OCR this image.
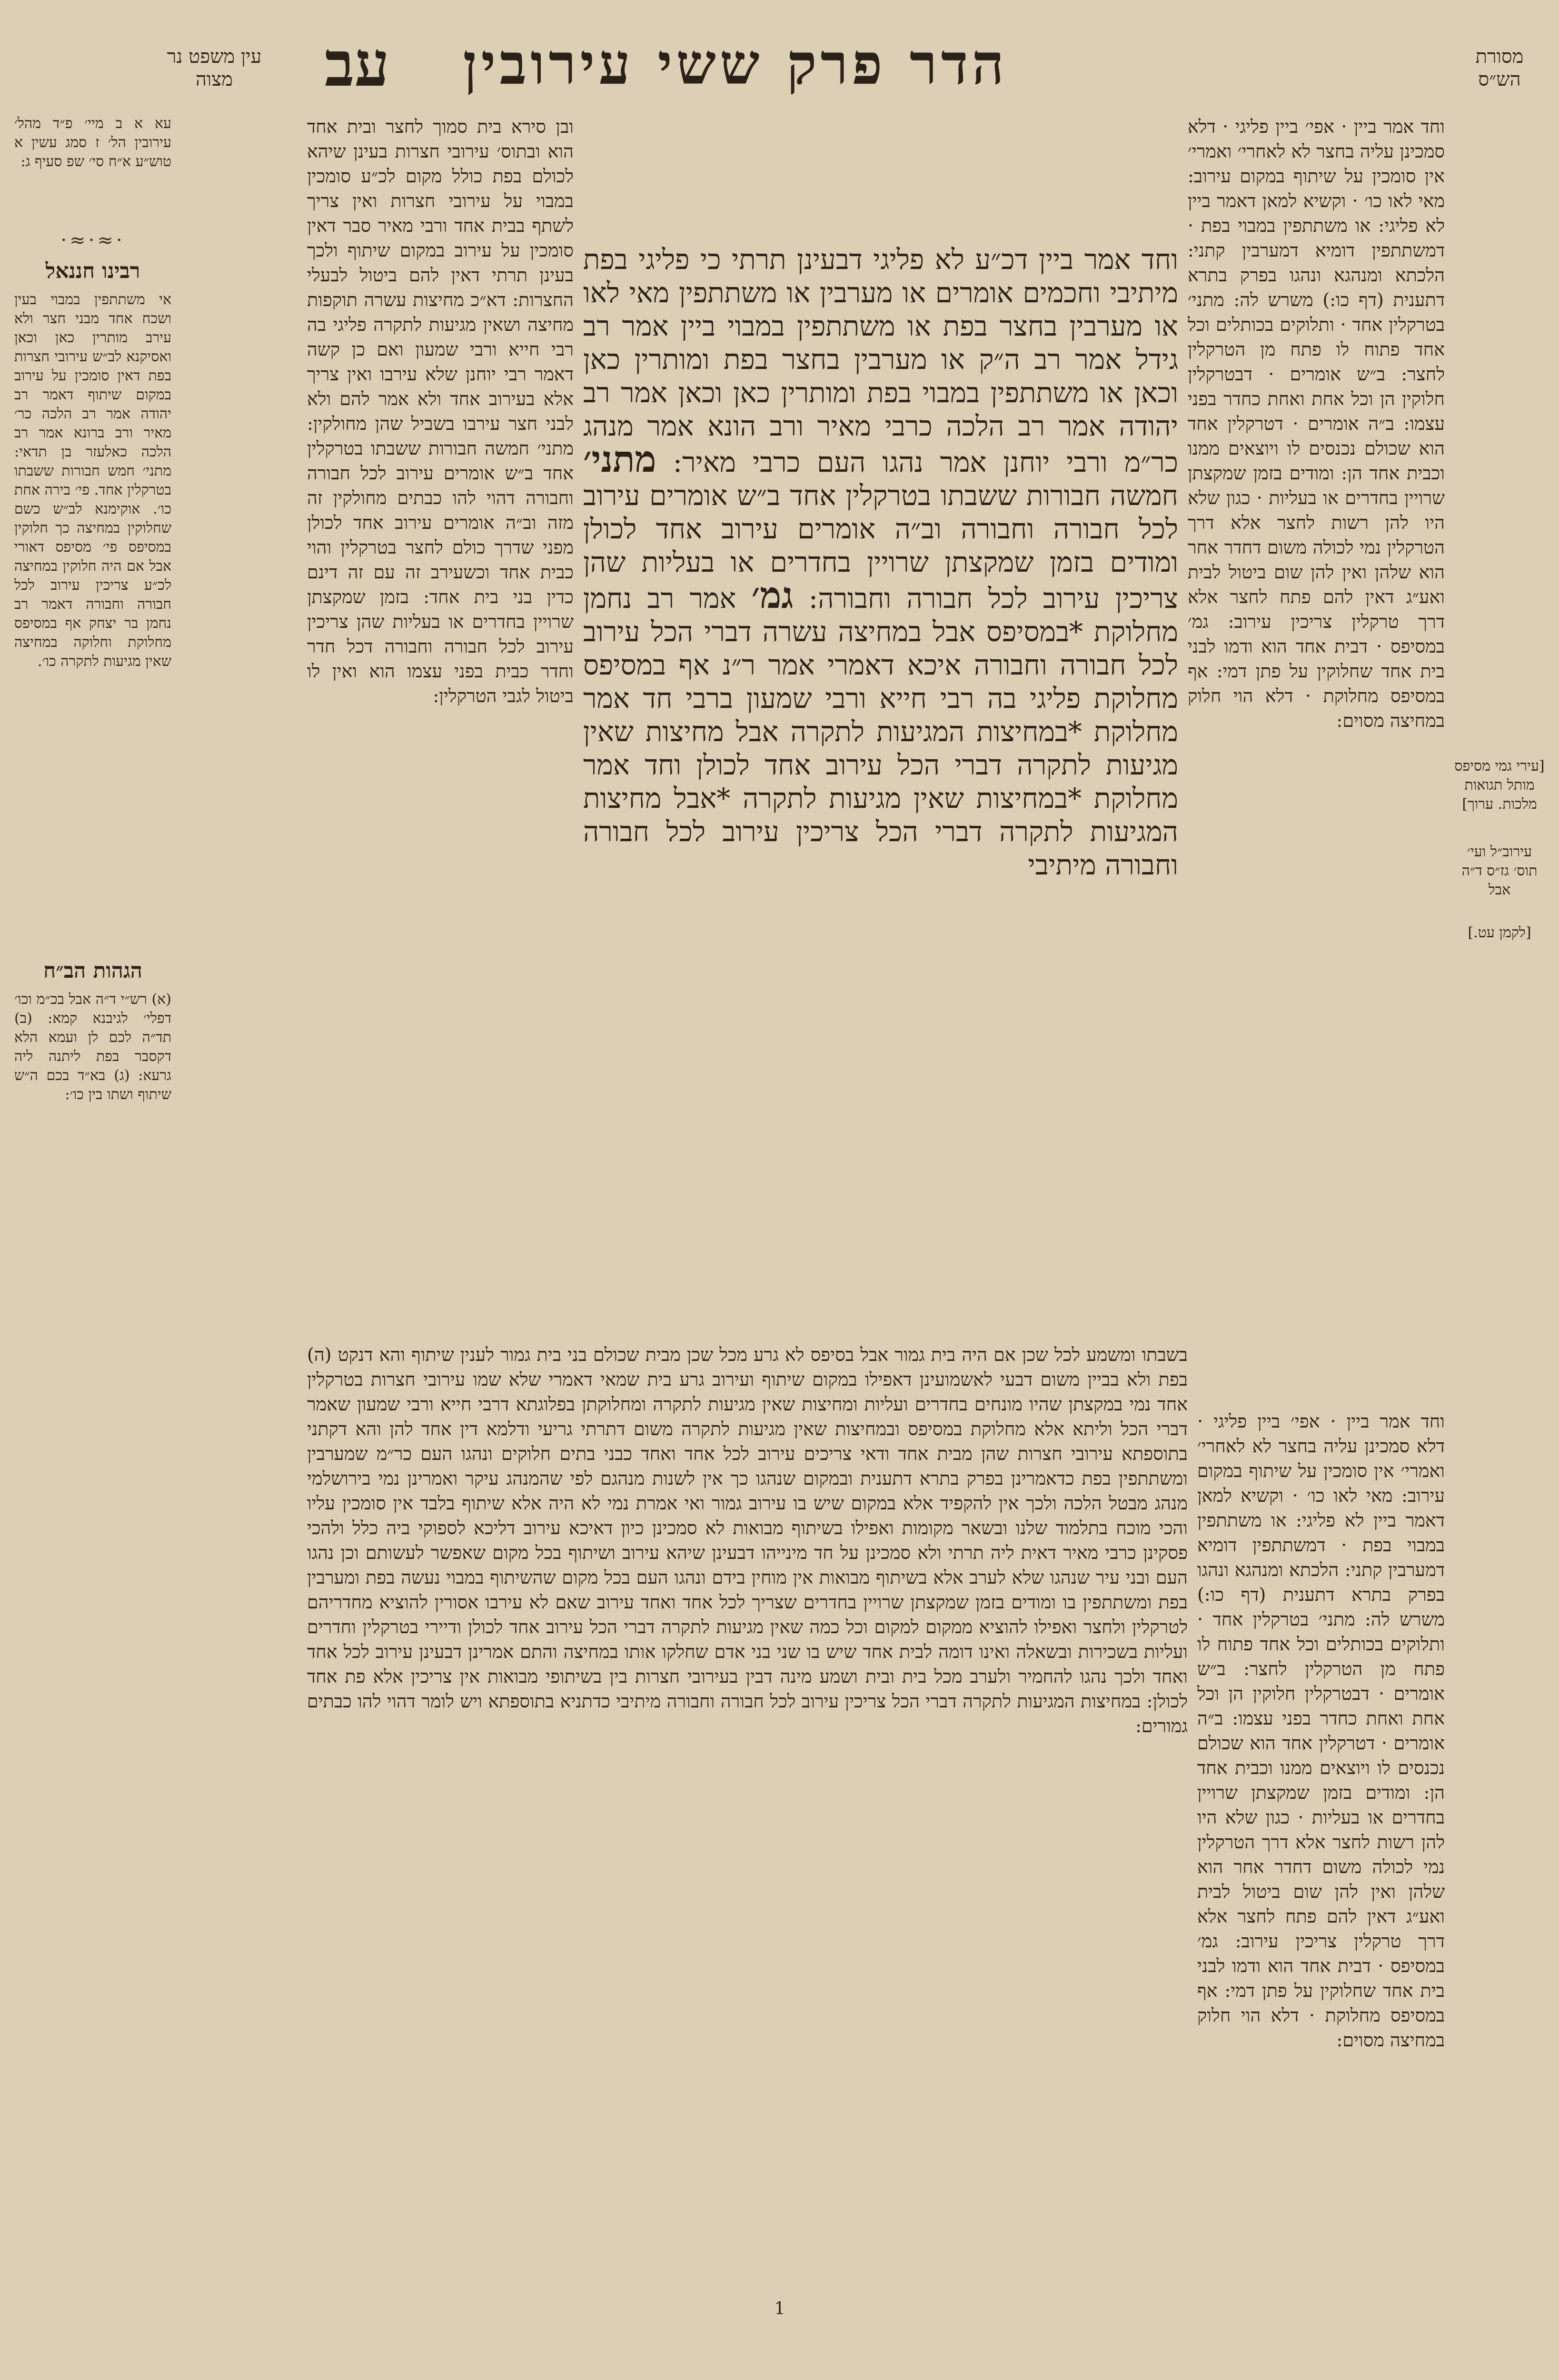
הדר פרק ששי עירובין
עב	מסורת הש״ס
עין משפט נר מצוה
[עירי גמי מסיפס מותל תגואות מלכות. ערוך]
עירוב״ל ועי׳ תוס׳ גז״ס ד״ה אבל
[לקמן עט.]
וחד אמר ביין · אפי׳ ביין פליגי · דלא סמכינן עליה בחצר לא לאחרי׳ ואמרי׳ אין סומכין על שיתוף במקום עירוב: מאי לאו כו׳ · וקשיא למאן דאמר ביין לא פליגי: או משתתפין במבוי בפת · דמשתתפין דומיא דמערבין קתני: הלכתא ומנהגא ונהגו בפרק בתרא דתענית (דף כו:) משרש לה: מתני׳ בטרקלין אחד · ותלוקים בכותלים וכל אחד פתוח לו פתח מן הטרקלין לחצר: ב״ש אומרים · דבטרקלין חלוקין הן וכל אחת ואחת כחדר בפני עצמו: ב״ה אומרים · דטרקלין אחד הוא שכולם נכנסים לו ויוצאים ממנו וכבית אחד הן: ומודים בזמן שמקצתן שרויין בחדרים או בעליות · כגון שלא היו להן רשות לחצר אלא דרך הטרקלין נמי לכולה משום דחדר אחר הוא שלהן ואין להן שום ביטול לבית ואע״ג דאין להם פתח לחצר אלא דרך טרקלין צריכין עירוב: גמ׳ במסיפס · דבית אחד הוא ודמו לבני בית אחד שחלוקין על פתן דמי: אף במסיפס מחלוקת · דלא הוי חלוק במחיצה מסוים:
וחד אמר ביין דכ״ע לא פליגי דבעינן תרתי כי פליגי בפת מיתיבי וחכמים אומרים או מערבין או משתתפין מאי לאו או מערבין בחצר בפת או משתתפין במבוי ביין אמר רב גידל אמר רב ה״ק או מערבין בחצר בפת ומותרין כאן וכאן או משתתפין במבוי בפת ומותרין כאן וכאן אמר רב יהודה אמר רב הלכה כרבי מאיר ורב הונא אמר מנהג כר״מ ורבי יוחנן אמר נהגו העם כרבי מאיר: מתני׳ חמשה חבורות ששבתו בטרקלין אחד ב״ש אומרים עירוב לכל חבורה וחבורה וב״ה אומרים עירוב אחד לכולן ומודים בזמן שמקצתן שרויין בחדרים או בעליות שהן צריכין עירוב לכל חבורה וחבורה: גמ׳ אמר רב נחמן מחלוקת *במסיפס אבל במחיצה עשרה דברי הכל עירוב לכל חבורה וחבורה איכא דאמרי אמר ר״נ אף במסיפס מחלוקת פליגי בה רבי חייא ורבי שמעון ברבי חד אמר מחלוקת *במחיצות המגיעות לתקרה אבל מחיצות שאין מגיעות לתקרה דברי הכל עירוב אחד לכולן וחד אמר מחלוקת *במחיצות שאין מגיעות לתקרה *אבל מחיצות המגיעות לתקרה דברי הכל צריכין עירוב לכל חבורה וחבורה מיתיבי
ובן סירא בית סמוך לחצר ובית אחד הוא ובתוס׳ עירובי חצרות בעינן שיהא לכולם בפת כולל מקום לכ״ע סומכין במבוי על עירובי חצרות ואין צריך לשתף בבית אחד ורבי מאיר סבר דאין סומכין על עירוב במקום שיתוף ולכך בעינן תרתי דאין להם ביטול לבעלי החצרות: דא״כ מחיצות עשרה תוקפות מחיצה ושאין מגיעות לתקרה פליגי בה רבי חייא ורבי שמעון ואם כן קשה דאמר רבי יוחנן שלא עירבו ואין צריך אלא בעירוב אחד ולא אמר להם ולא לבני חצר עירבו בשביל שהן מחולקין: מתני׳ חמשה חבורות ששבתו בטרקלין אחד ב״ש אומרים עירוב לכל חבורה וחבורה דהוי להו כבתים מחולקין זה מזה וב״ה אומרים עירוב אחד לכולן מפני שדרך כולם לחצר בטרקלין והוי כבית אחד וכשעירב זה עם זה דינם כדין בני בית אחד: בזמן שמקצתן שרויין בחדרים או בעליות שהן צריכין עירוב לכל חבורה וחבורה דכל חדר וחדר כבית בפני עצמו הוא ואין לו ביטול לגבי הטרקלין:
בשבתו ומשמע לכל שכן אם היה בית גמור אבל בסיפס לא גרע מכל שכן מבית שכולם בני בית גמור לענין שיתוף והא דנקט (ה) בפת ולא בביין משום דבעי לאשמועינן דאפילו במקום שיתוף ועירוב גרע בית שמאי דאמרי שלא שמו עירובי חצרות בטרקלין אחד נמי במקצתן שהיו מונחים בחדרים ועליות ומחיצות שאין מגיעות לתקרה ומחלוקתן בפלוגתא דרבי חייא ורבי שמעון שאמר דברי הכל וליתא אלא מחלוקת במסיפס ובמחיצות שאין מגיעות לתקרה משום דתרתי גריעי ודלמא דין אחד להן והא דקתני בתוספתא עירובי חצרות שהן מבית אחד ודאי צריכים עירוב לכל אחד ואחד כבני בתים חלוקים ונהגו העם כר״מ שמערבין ומשתתפין בפת כדאמרינן בפרק בתרא דתענית ובמקום שנהגו כך אין לשנות מנהגם לפי שהמנהג עיקר ואמרינן נמי בירושלמי מנהג מבטל הלכה ולכך אין להקפיד אלא במקום שיש בו עירוב גמור ואי אמרת נמי לא היה אלא שיתוף בלבד אין סומכין עליו והכי מוכח בתלמוד שלנו ובשאר מקומות ואפילו בשיתוף מבואות לא סמכינן כיון דאיכא עירוב דליכא לספוקי ביה כלל ולהכי פסקינן כרבי מאיר דאית ליה תרתי ולא סמכינן על חד מינייהו דבעינן שיהא עירוב ושיתוף בכל מקום שאפשר לעשותם וכן נהגו העם ובני עיר שנהגו שלא לערב אלא בשיתוף מבואות אין מוחין בידם ונהגו העם בכל מקום שהשיתוף במבוי נעשה בפת ומערבין בפת ומשתתפין בו ומודים בזמן שמקצתן שרויין בחדרים שצריך לכל אחד ואחד עירוב שאם לא עירבו אסורין להוציא מחדריהם לטרקלין ולחצר ואפילו להוציא ממקום למקום וכל כמה שאין מגיעות לתקרה דברי הכל עירוב אחד לכולן ודיירי בטרקלין וחדרים ועליות בשכירות ובשאלה ואינו דומה לבית אחד שיש בו שני בני אדם שחלקו אותו במחיצה והתם אמרינן דבעינן עירוב לכל אחד ואחד ולכך נהגו להחמיר ולערב מכל בית ובית ושמע מינה דבין בעירובי חצרות בין בשיתופי מבואות אין צריכין אלא פת אחד לכולן: במחיצות המגיעות לתקרה דברי הכל צריכין עירוב לכל חבורה וחבורה מיתיבי כדתניא בתוספתא ויש לומר דהוי להו כבתים גמורים:
וחד אמר ביין · אפי׳ ביין פליגי · דלא סמכינן עליה בחצר לא לאחרי׳ ואמרי׳ אין סומכין על שיתוף במקום עירוב: מאי לאו כו׳ · וקשיא למאן דאמר ביין לא פליגי: או משתתפין במבוי בפת · דמשתתפין דומיא דמערבין קתני: הלכתא ומנהגא ונהגו בפרק בתרא דתענית (דף כו:) משרש לה: מתני׳ בטרקלין אחד · ותלוקים בכותלים וכל אחד פתוח לו פתח מן הטרקלין לחצר: ב״ש אומרים · דבטרקלין חלוקין הן וכל אחת ואחת כחדר בפני עצמו: ב״ה אומרים · דטרקלין אחד הוא שכולם נכנסים לו ויוצאים ממנו וכבית אחד הן: ומודים בזמן שמקצתן שרויין בחדרים או בעליות · כגון שלא היו להן רשות לחצר אלא דרך הטרקלין נמי לכולה משום דחדר אחר הוא שלהן ואין להן שום ביטול לבית ואע״ג דאין להם פתח לחצר אלא דרך טרקלין צריכין עירוב: גמ׳ במסיפס · דבית אחד הוא ודמו לבני בית אחד שחלוקין על פתן דמי: אף במסיפס מחלוקת · דלא הוי חלוק במחיצה מסוים:
עא א ב מיי׳ פ״ד מהל׳ עירובין הל׳ ז סמג עשין א טוש״ע א״ח סי׳ שפ סעיף ג:
·≈·≈·
רבינו חננאל
אי משתתפין במבוי בעין ושכח אחד מבני חצר ולא עירב מותרין כאן וכאן ואסיקנא לב״ש עירובי חצרות בפת דאין סומכין על עירוב במקום שיתוף דאמר רב יהודה אמר רב הלכה כר׳ מאיר ורב ברונא אמר רב הלכה כאלעזר בן תדאי: מתני׳ חמש חבורות ששבתו בטרקלין אחד. פי׳ בירה אחת כו׳. אוקימנא לב״ש כשם שחלוקין במחיצה כך חלוקין במסיפס פי׳ מסיפס דאורי אבל אם היה חלוקין במחיצה לכ״ע צריכין עירוב לכל חבורה וחבורה דאמר רב נחמן בר יצחק אף במסיפס מחלוקת וחלוקה במחיצה שאין מגיעות לתקרה כו׳.
הגהות הב״ח
(א) רש״י ד״ה אבל בכ״מ וכו׳ דפלי׳ לגיבנא קמא: (ב) תד״ה לכם לן ועמא הלא דקסבר בפת ליתנה ליה גרעא: (ג) בא״ד בכם ה״ש שיתוף ושתו בין כו׳:
1
